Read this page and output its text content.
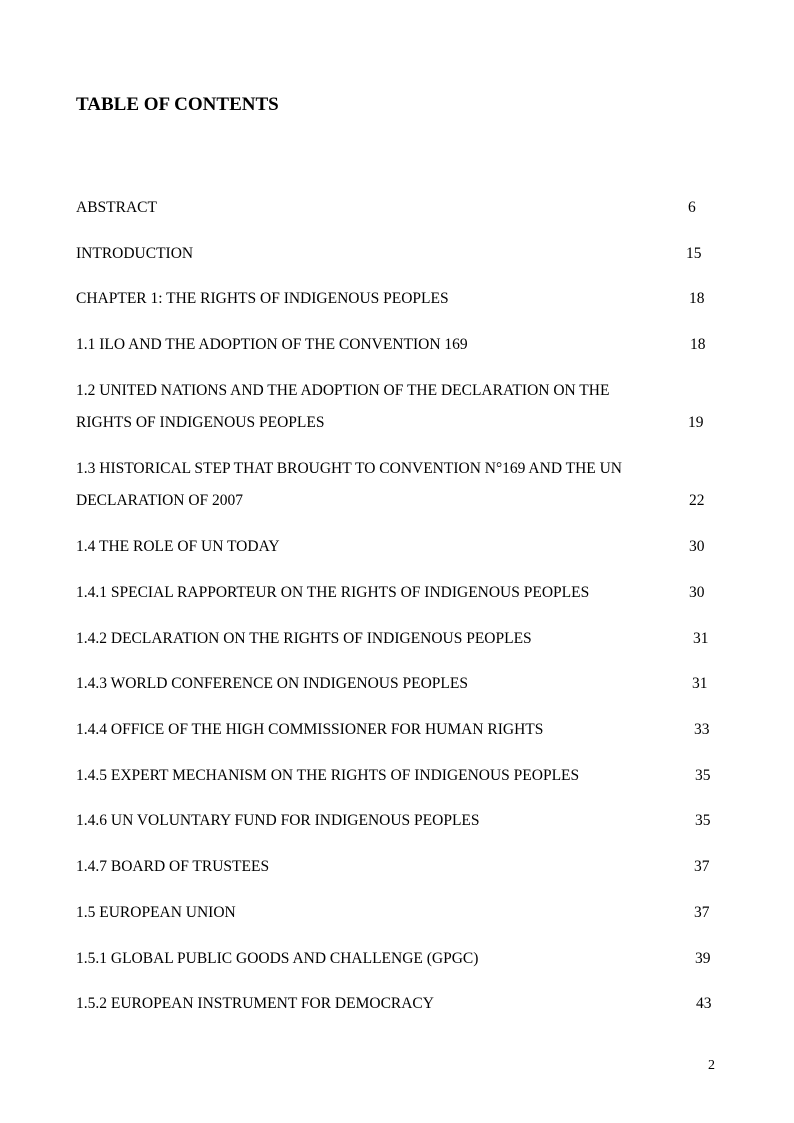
TABLE OF CONTENTS
ABSTRACT	6
INTRODUCTION	15
CHAPTER 1: THE RIGHTS OF INDIGENOUS PEOPLES	18
1.1 ILO AND THE ADOPTION OF THE CONVENTION 169	18
1.2 UNITED NATIONS AND THE ADOPTION OF THE DECLARATION ON THE
RIGHTS OF INDIGENOUS PEOPLES	19
1.3 HISTORICAL STEP THAT BROUGHT TO CONVENTION N°169 AND THE UN
DECLARATION OF 2007	22
1.4 THE ROLE OF UN TODAY	30
1.4.1 SPECIAL RAPPORTEUR ON THE RIGHTS OF INDIGENOUS PEOPLES	30
1.4.2 DECLARATION ON THE RIGHTS OF INDIGENOUS PEOPLES	31
1.4.3 WORLD CONFERENCE ON INDIGENOUS PEOPLES	31
1.4.4 OFFICE OF THE HIGH COMMISSIONER FOR HUMAN RIGHTS	33
1.4.5 EXPERT MECHANISM ON THE RIGHTS OF INDIGENOUS PEOPLES	35
1.4.6 UN VOLUNTARY FUND FOR INDIGENOUS PEOPLES	35
1.4.7 BOARD OF TRUSTEES	37
1.5 EUROPEAN UNION	37
1.5.1 GLOBAL PUBLIC GOODS AND CHALLENGE (GPGC)	39
1.5.2 EUROPEAN INSTRUMENT FOR DEMOCRACY	43
2
